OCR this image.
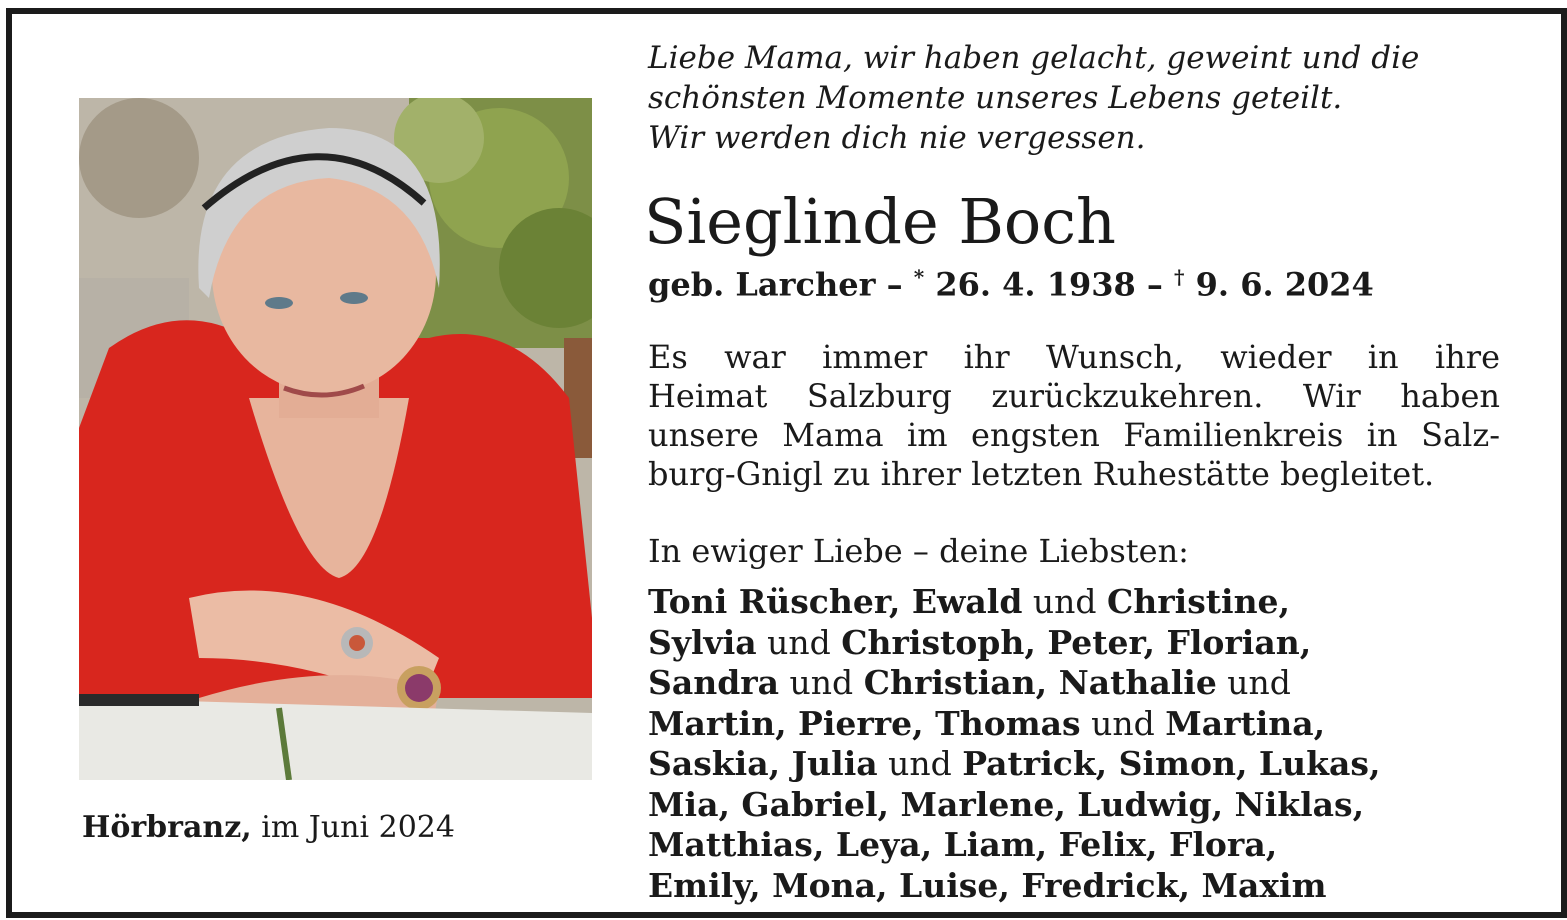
Hörbranz, im Juni 2024
Liebe Mama, wir haben gelacht, geweint und die
schönsten Momente unseres Lebens geteilt.
Wir werden dich nie vergessen.
Sieglinde Boch
geb. Larcher – * 26. 4. 1938 – † 9. 6. 2024
Es war immer ihr Wunsch, wieder in ihre
Heimat Salzburg zurückzukehren. Wir haben
unsere Mama im engsten Familienkreis in Salz-
burg-Gnigl zu ihrer letzten Ruhestätte begleitet.
In ewiger Liebe – deine Liebsten:
Toni Rüscher, Ewald und Christine,
Sylvia und Christoph, Peter, Florian,
Sandra und Christian, Nathalie und
Martin, Pierre, Thomas und Martina,
Saskia, Julia und Patrick, Simon, Lukas,
Mia, Gabriel, Marlene, Ludwig, Niklas,
Matthias, Leya, Liam, Felix, Flora,
Emily, Mona, Luise, Fredrick, Maxim
